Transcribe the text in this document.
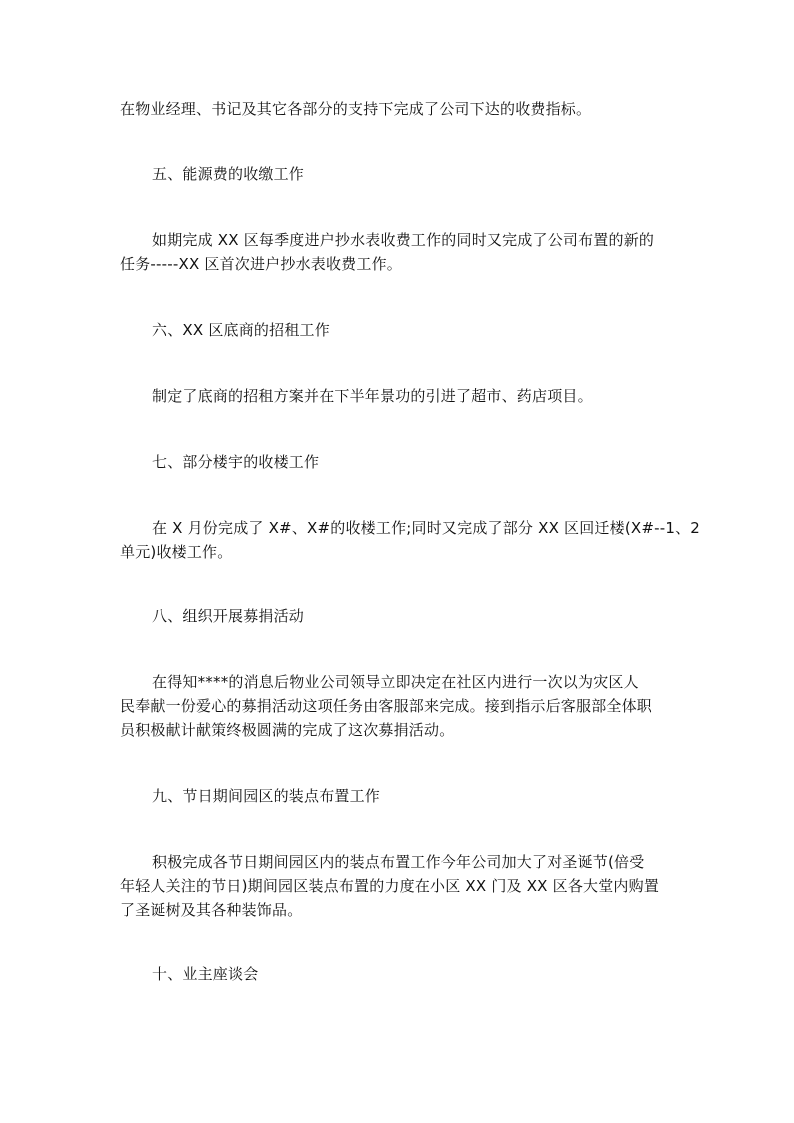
在物业经理、书记及其它各部分的支持下完成了公司下达的收费指标。
五、能源费的收缴工作
如期完成 XX 区每季度进户抄水表收费工作的同时又完成了公司布置的新的
任务-----XX 区首次进户抄水表收费工作。
六、XX 区底商的招租工作
制定了底商的招租方案并在下半年景功的引进了超市、药店项目。
七、部分楼宇的收楼工作
在 X 月份完成了 X#、X#的收楼工作;同时又完成了部分 XX 区回迁楼(X#--1、2
单元)收楼工作。
八、组织开展募捐活动
在得知****的消息后物业公司领导立即决定在社区内进行一次以为灾区人
民奉献一份爱心的募捐活动这项任务由客服部来完成。接到指示后客服部全体职
员积极献计献策终极圆满的完成了这次募捐活动。
九、节日期间园区的装点布置工作
积极完成各节日期间园区内的装点布置工作今年公司加大了对圣诞节(倍受
年轻人关注的节日)期间园区装点布置的力度在小区 XX 门及 XX 区各大堂内购置
了圣诞树及其各种装饰品。
十、业主座谈会
